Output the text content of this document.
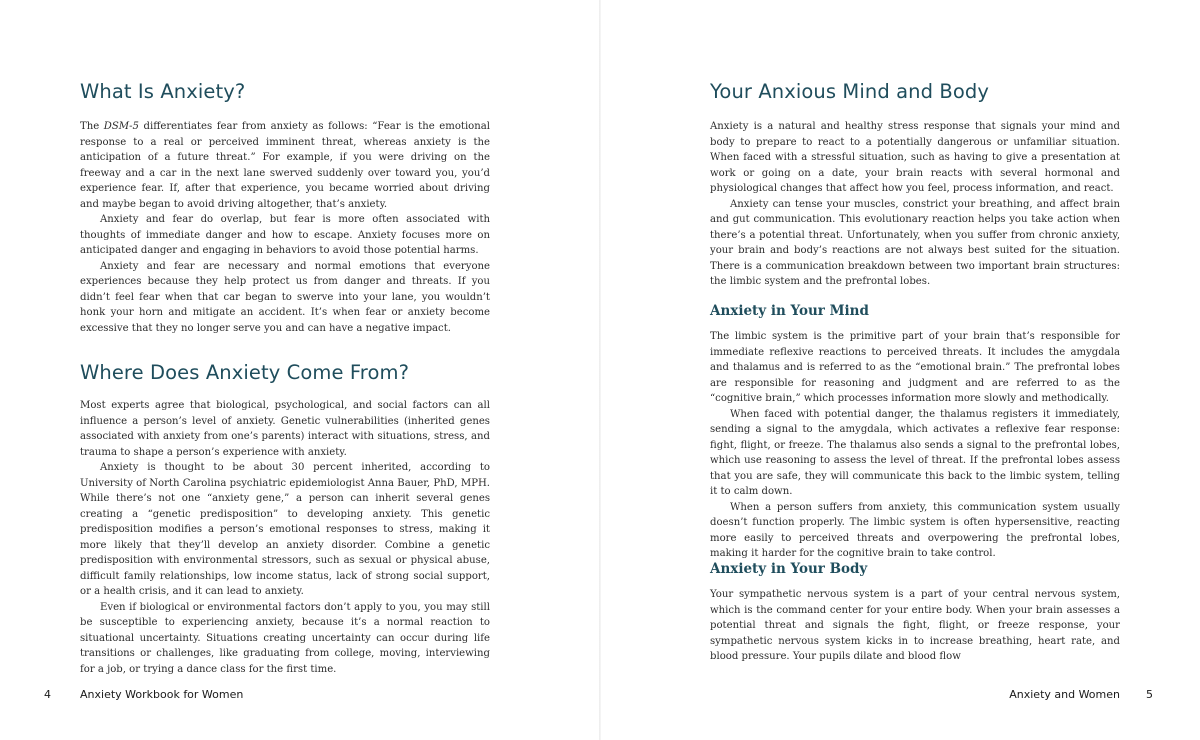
What Is Anxiety?

The DSM-5 differentiates fear from anxiety as follows: “Fear is the emotional response to a real or perceived imminent threat, whereas anxiety is the anticipation of a future threat.” For example, if you were driving on the freeway and a car in the next lane swerved suddenly over toward you, you’d experience fear. If, after that experience, you became worried about driving and maybe began to avoid driving altogether, that’s anxiety.

Anxiety and fear do overlap, but fear is more often associated with thoughts of immediate danger and how to escape. Anxiety focuses more on anticipated danger and engaging in behaviors to avoid those potential harms.

Anxiety and fear are necessary and normal emotions that everyone experiences because they help protect us from danger and threats. If you didn’t feel fear when that car began to swerve into your lane, you wouldn’t honk your horn and mitigate an accident. It’s when fear or anxiety become excessive that they no longer serve you and can have a negative impact.

Where Does Anxiety Come From?

Most experts agree that biological, psychological, and social factors can all influence a person’s level of anxiety. Genetic vulnerabilities (inherited genes associated with anxiety from one’s parents) interact with situations, stress, and trauma to shape a person’s experience with anxiety.

Anxiety is thought to be about 30 percent inherited, according to University of North Carolina psychiatric epidemiologist Anna Bauer, PhD, MPH. While there’s not one “anxiety gene,” a person can inherit several genes creating a “genetic predisposition” to developing anxiety. This genetic predisposition modifies a person’s emotional responses to stress, making it more likely that they’ll develop an anxiety disorder. Combine a genetic predisposition with environmental stressors, such as sexual or physical abuse, difficult family relationships, low income status, lack of strong social support, or a health crisis, and it can lead to anxiety.

Even if biological or environmental factors don’t apply to you, you may still be susceptible to experiencing anxiety, because it’s a normal reaction to situational uncertainty. Situations creating uncertainty can occur during life transitions or challenges, like graduating from college, moving, interviewing for a job, or trying a dance class for the first time.

4	Anxiety Workbook for Women
Your Anxious Mind and Body

Anxiety is a natural and healthy stress response that signals your mind and body to prepare to react to a potentially dangerous or unfamiliar situation. When faced with a stressful situation, such as having to give a presentation at work or going on a date, your brain reacts with several hormonal and physiological changes that affect how you feel, process information, and react.

Anxiety can tense your muscles, constrict your breathing, and affect brain and gut communication. This evolutionary reaction helps you take action when there’s a potential threat. Unfortunately, when you suffer from chronic anxiety, your brain and body’s reactions are not always best suited for the situation. There is a communication breakdown between two important brain structures: the limbic system and the prefrontal lobes.

Anxiety in Your Mind

The limbic system is the primitive part of your brain that’s responsible for immediate reflexive reactions to perceived threats. It includes the amygdala and thalamus and is referred to as the “emotional brain.” The prefrontal lobes are responsible for reasoning and judgment and are referred to as the “cognitive brain,” which processes information more slowly and methodically.

When faced with potential danger, the thalamus registers it immediately, sending a signal to the amygdala, which activates a reflexive fear response: fight, flight, or freeze. The thalamus also sends a signal to the prefrontal lobes, which use reasoning to assess the level of threat. If the prefrontal lobes assess that you are safe, they will communicate this back to the limbic system, telling it to calm down.

When a person suffers from anxiety, this communication system usually doesn’t function properly. The limbic system is often hypersensitive, reacting more easily to perceived threats and overpowering the prefrontal lobes, making it harder for the cognitive brain to take control.

Anxiety in Your Body

Your sympathetic nervous system is a part of your central nervous system, which is the command center for your entire body. When your brain assesses a potential threat and signals the fight, flight, or freeze response, your sympathetic nervous system kicks in to increase breathing, heart rate, and blood pressure. Your pupils dilate and blood flow

Anxiety and Women 5
